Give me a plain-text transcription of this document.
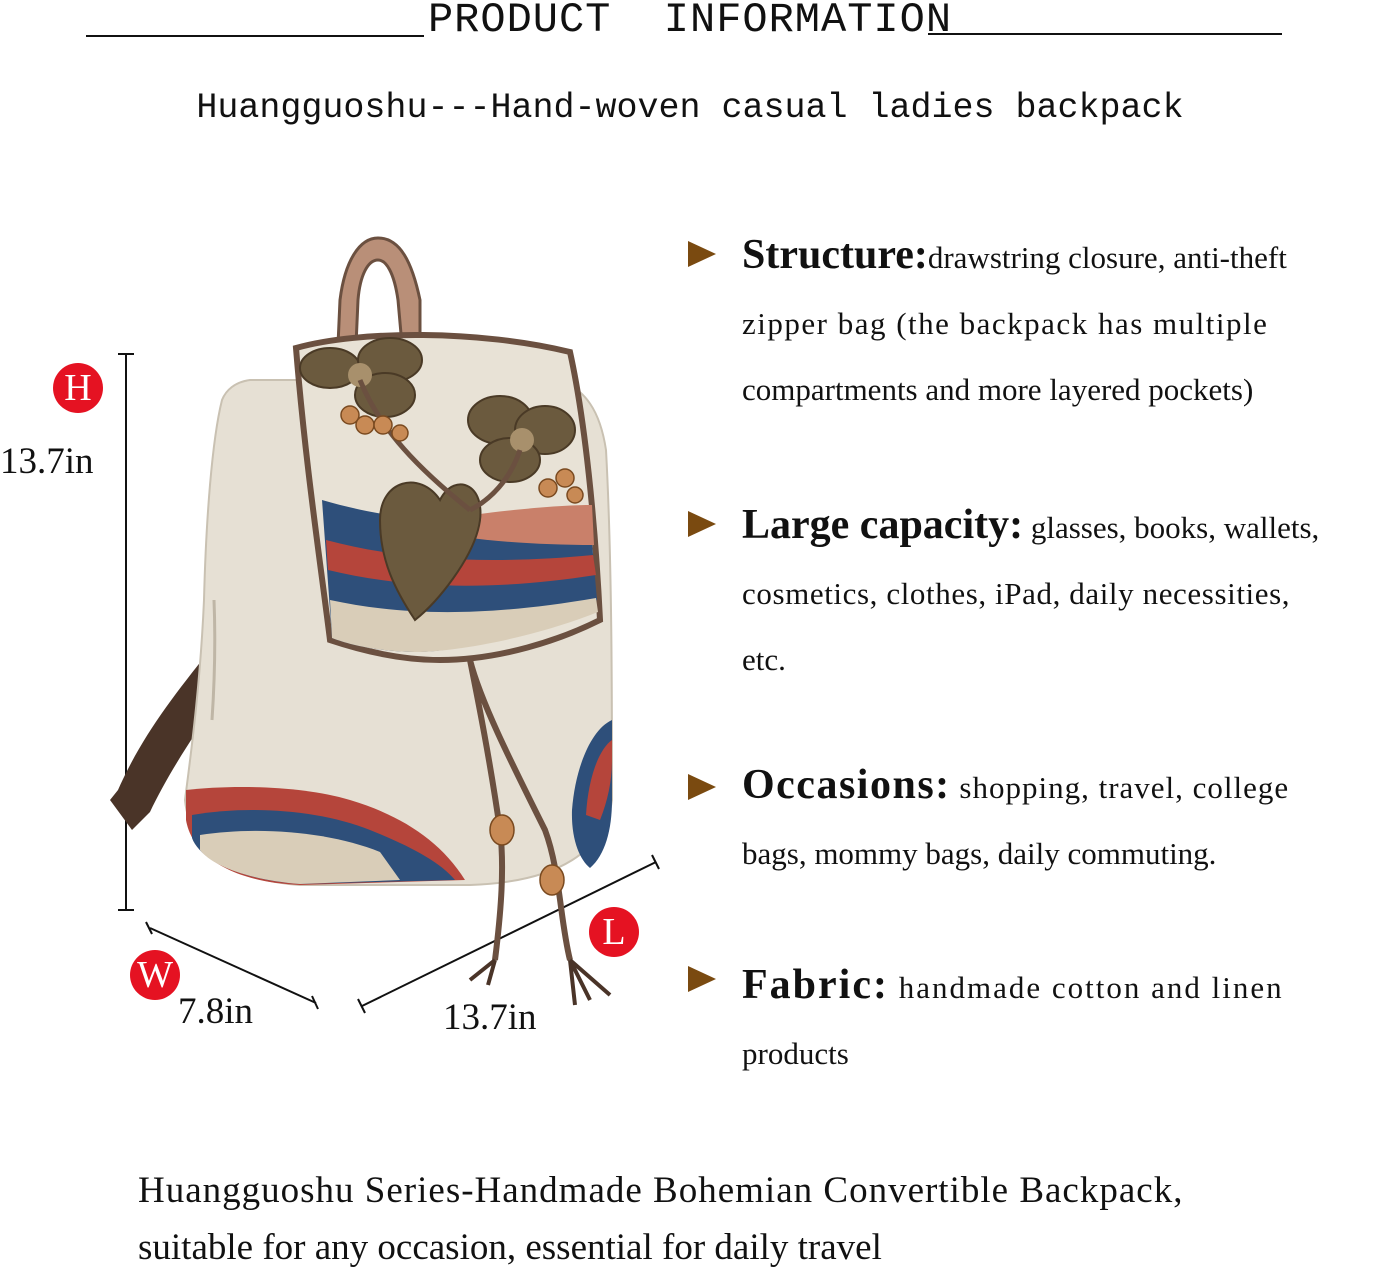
PRODUCT  INFORMATION
Huangguoshu---Hand-woven casual ladies backpack
H
13.7in
W
7.8in
L
13.7in
Structure:drawstring closure, anti-theft
zipper bag (the backpack has multiple
compartments and more layered pockets)
Large capacity: glasses, books, wallets,
cosmetics, clothes, iPad, daily necessities,
etc.
Occasions: shopping, travel, college
bags, mommy bags, daily commuting.
Fabric: handmade cotton and linen
products
Huangguoshu Series-Handmade Bohemian Convertible Backpack,
suitable for any occasion, essential for daily travel
